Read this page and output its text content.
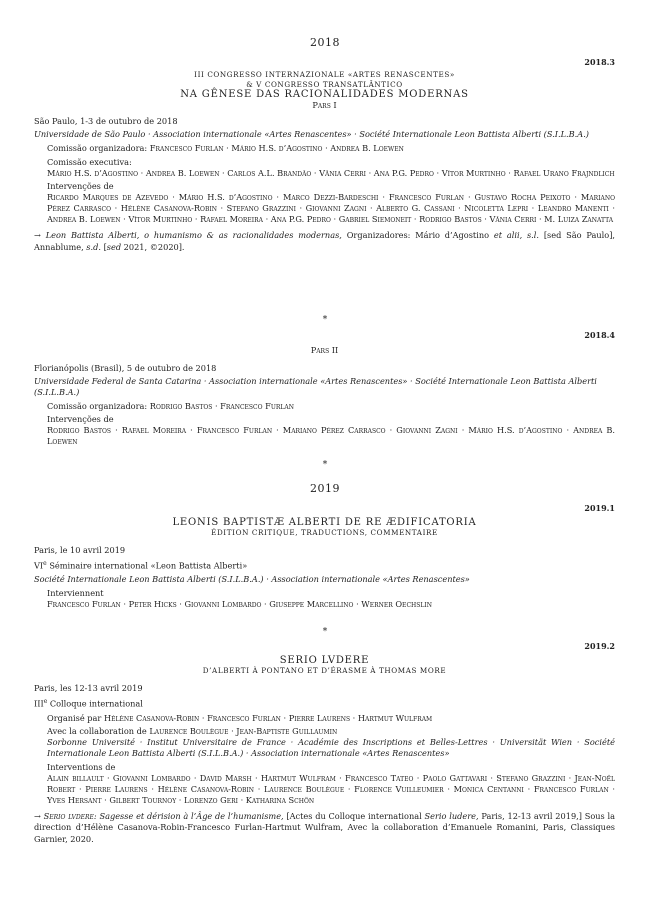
2018
2018.3
III CONGRESSO INTERNAZIONALE «ARTES RENASCENTES»
& V CONGRESSO TRANSATLÂNTICO
NA GÊNESE DAS RACIONALIDADES MODERNAS
Pars I
São Paulo, 1-3 de outubro de 2018
Universidade de São Paulo · Association internationale «Artes Renascentes» · Société Internationale Leon Battista Alberti (S.I.L.B.A.)
Comissão organizadora: Francesco Furlan · Mário H.S. d’Agostino · Andrea B. Loewen
Comissão executiva:
Mário H.S. d’Agostino · Andrea B. Loewen · Carlos A.L. Brandão · Vânia Cerri · Ana P.G. Pedro · Vítor Murtinho · Rafael Urano Frajndlich
Intervenções de
Ricardo Marques de Azevedo · Mário H.S. d’Agostino · Marco Dezzi-Bardeschi · Francesco Furlan · Gustavo Rocha Peixoto · Mariano Pérez Carrasco · Hélène Casanova-Robin · Stefano Grazzini · Giovanni Zagni · Alberto G. Cassani · Nicoletta Lepri · Leandro Manenti · Andrea B. Loewen · Vítor Murtinho · Rafael Moreira · Ana P.G. Pedro · Gabriel Siemoneit · Rodrigo Bastos · Vânia Cerri · M. Luiza Zanatta
→ Leon Battista Alberti, o humanismo & as racionalidades modernas, Organizadores: Mário d’Agostino et alii, s.l. [sed São Paulo], Annablume, s.d. [sed 2021, ©2020].
*
2018.4
Pars II
Florianópolis (Brasil), 5 de outubro de 2018
Universidade Federal de Santa Catarina · Association internationale «Artes Renascentes» · Société Internationale Leon Battista Alberti (S.I.L.B.A.)
Comissão organizadora: Rodrigo Bastos · Francesco Furlan
Intervenções de
Rodrigo Bastos · Rafael Moreira · Francesco Furlan · Mariano Pérez Carrasco · Giovanni Zagni · Mário H.S. d’Agostino · Andrea B. Loewen
*
2019
2019.1
LEONIS BAPTISTÆ ALBERTI DE RE ÆDIFICATORIA
ÉDITION CRITIQUE, TRADUCTIONS, COMMENTAIRE
Paris, le 10 avril 2019
VIe Séminaire international «Leon Battista Alberti»
Société Internationale Leon Battista Alberti (S.I.L.B.A.) · Association internationale «Artes Renascentes»
Interviennent
Francesco Furlan · Peter Hicks · Giovanni Lombardo · Giuseppe Marcellino · Werner Oechslin
*
2019.2
SERIO LVDERE
D’ALBERTI À PONTANO ET D’ÉRASME À THOMAS MORE
Paris, les 12-13 avril 2019
IIIe Colloque international
Organisé par Hélène Casanova-Robin · Francesco Furlan · Pierre Laurens · Hartmut Wulfram
Avec la collaboration de Laurence Boulègue · Jean-Baptiste Guillaumin
Sorbonne Université · Institut Universitaire de France · Académie des Inscriptions et Belles-Lettres · Universität Wien · Société Internationale Leon Battista Alberti (S.I.L.B.A.) · Association internationale «Artes Renascentes»
Interventions de
Alain billault · Giovanni Lombardo · David Marsh · Hartmut Wulfram · Francesco Tateo · Paolo Gattavari · Stefano Grazzini · Jean-Noël Robert · Pierre Laurens · Hélène Casanova-Robin · Laurence Boulègue · Florence Vuilleumier · Monica Centanni · Francesco Furlan · Yves Hersant · Gilbert Tournoy · Lorenzo Geri · Katharina Schön
→ Serio lvdere: Sagesse et dérision à l’Âge de l’humanisme, [Actes du Colloque international Serio ludere, Paris, 12-13 avril 2019,] Sous la direction d’Hélène Casanova-Robin-Francesco Furlan-Hartmut Wulfram, Avec la collaboration d’Emanuele Romanini, Paris, Classiques Garnier, 2020.
